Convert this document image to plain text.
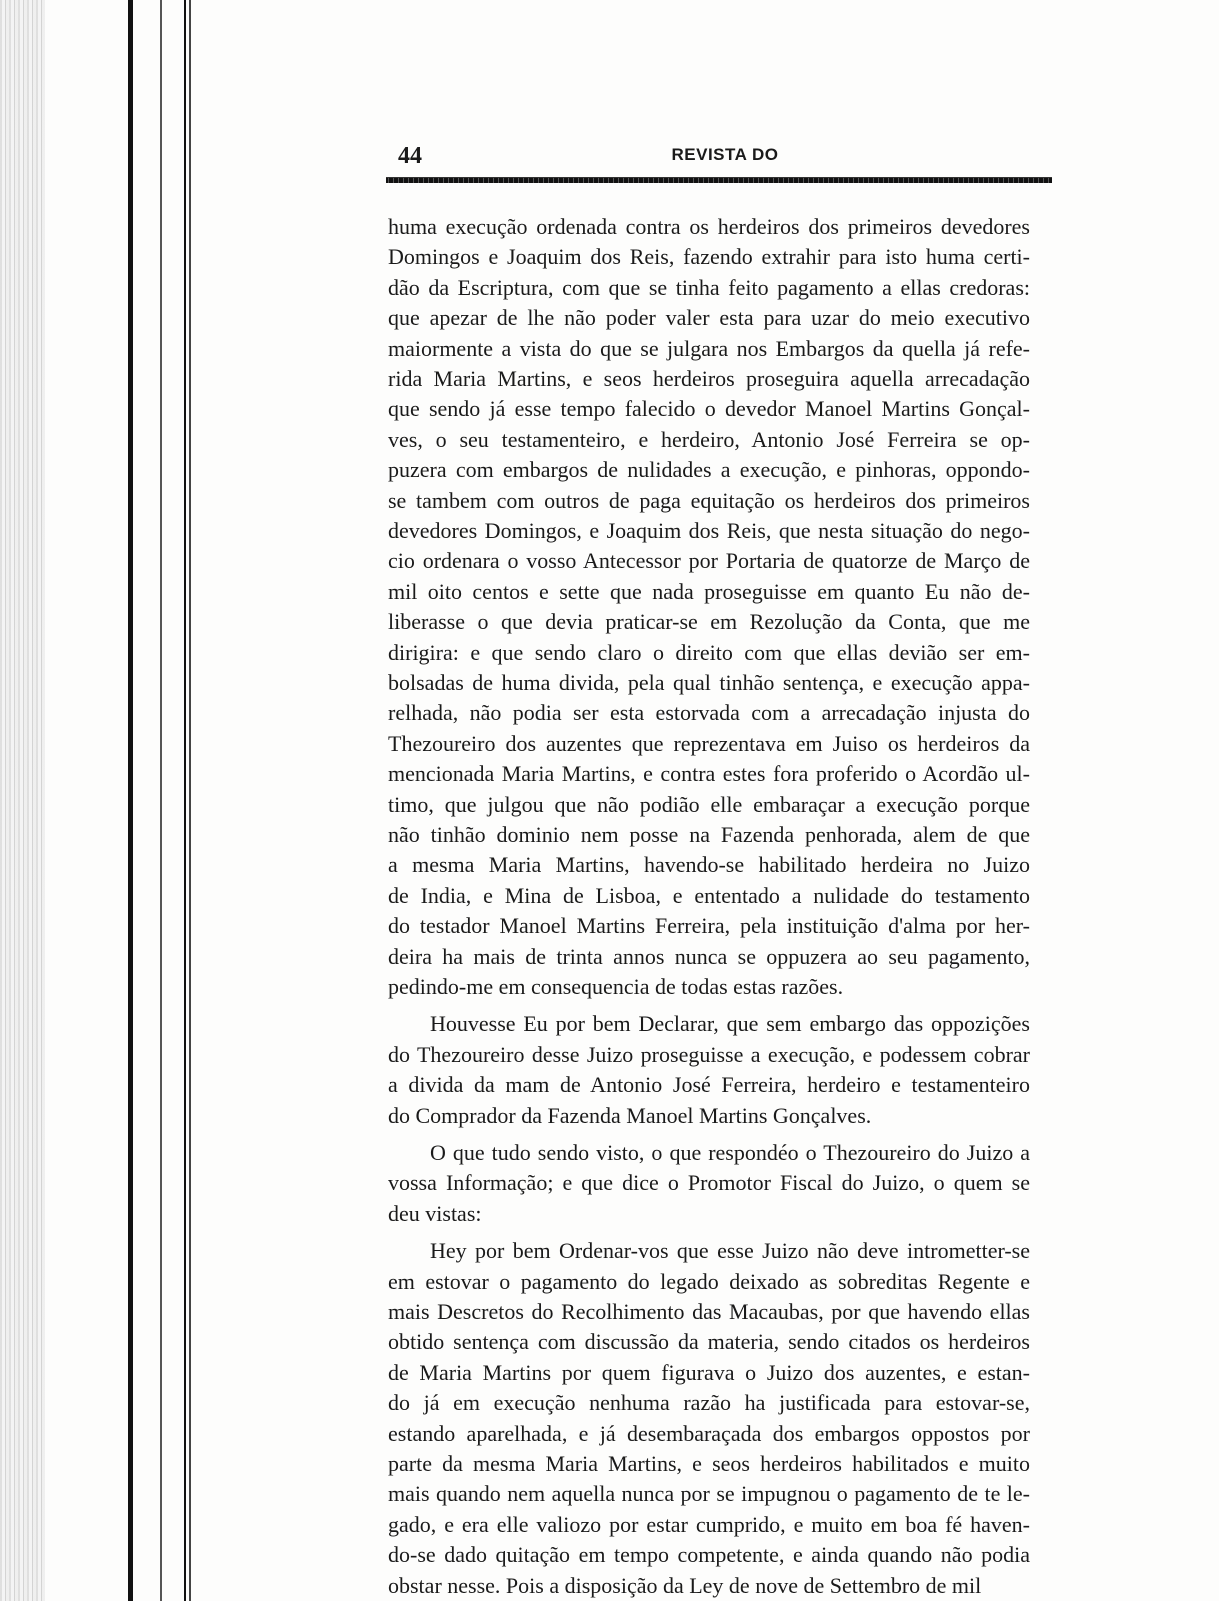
44	REVISTA DO
huma execução ordenada contra os herdeiros dos primeiros devedores
Domingos e Joaquim dos Reis, fazendo extrahir para isto huma certi-
dão da Escriptura, com que se tinha feito pagamento a ellas credoras:
que apezar de lhe não poder valer esta para uzar do meio executivo
maiormente a vista do que se julgara nos Embargos da quella já refe-
rida Maria Martins, e seos herdeiros proseguira aquella arrecadação
que sendo já esse tempo falecido o devedor Manoel Martins Gonçal-
ves, o seu testamenteiro, e herdeiro, Antonio José Ferreira se op-
puzera com embargos de nulidades a execução, e pinhoras, oppondo-
se tambem com outros de paga equitação os herdeiros dos primeiros
devedores Domingos, e Joaquim dos Reis, que nesta situação do nego-
cio ordenara o vosso Antecessor por Portaria de quatorze de Março de
mil oito centos e sette que nada proseguisse em quanto Eu não de-
liberasse o que devia praticar-se em Rezolução da Conta, que me
dirigira: e que sendo claro o direito com que ellas devião ser em-
bolsadas de huma divida, pela qual tinhão sentença, e execução appa-
relhada, não podia ser esta estorvada com a arrecadação injusta do
Thezoureiro dos auzentes que reprezentava em Juiso os herdeiros da
mencionada Maria Martins, e contra estes fora proferido o Acordão ul-
timo, que julgou que não podião elle embaraçar a execução porque
não tinhão dominio nem posse na Fazenda penhorada, alem de que
a mesma Maria Martins, havendo-se habilitado herdeira no Juizo
de India, e Mina de Lisboa, e ententado a nulidade do testamento
do testador Manoel Martins Ferreira, pela instituição d'alma por her-
deira ha mais de trinta annos nunca se oppuzera ao seu pagamento,
pedindo-me em consequencia de todas estas razões.
Houvesse Eu por bem Declarar, que sem embargo das oppozições
do Thezoureiro desse Juizo proseguisse a execução, e podessem cobrar
a divida da mam de Antonio José Ferreira, herdeiro e testamenteiro
do Comprador da Fazenda Manoel Martins Gonçalves.
O que tudo sendo visto, o que respondéo o Thezoureiro do Juizo a
vossa Informação; e que dice o Promotor Fiscal do Juizo, o quem se
deu vistas:
Hey por bem Ordenar-vos que esse Juizo não deve intrometter-se
em estovar o pagamento do legado deixado as sobreditas Regente e
mais Descretos do Recolhimento das Macaubas, por que havendo ellas
obtido sentença com discussão da materia, sendo citados os herdeiros
de Maria Martins por quem figurava o Juizo dos auzentes, e estan-
do já em execução nenhuma razão ha justificada para estovar-se,
estando aparelhada, e já desembaraçada dos embargos oppostos por
parte da mesma Maria Martins, e seos herdeiros habilitados e muito
mais quando nem aquella nunca por se impugnou o pagamento de te le-
gado, e era elle valiozo por estar cumprido, e muito em boa fé haven-
do-se dado quitação em tempo competente, e ainda quando não podia
obstar nesse. Pois a disposição da Ley de nove de Settembro de mil
